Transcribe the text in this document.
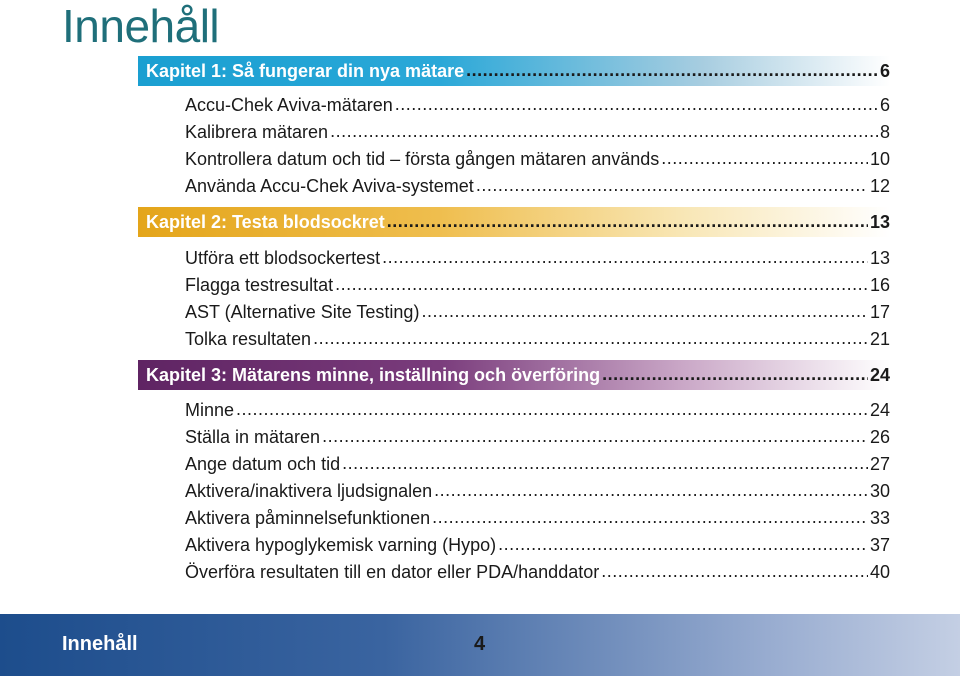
Innehåll
Kapitel 1: Så fungerar din nya mätare .....	6
Accu-Chek Aviva-mätaren .....	6
Kalibrera mätaren .....	8
Kontrollera datum och tid – första gången mätaren används .....	10
Använda Accu-Chek Aviva-systemet .....	12
Kapitel 2: Testa blodsockret .....	13
Utföra ett blodsockertest .....	13
Flagga testresultat .....	16
AST (Alternative Site Testing) .....	17
Tolka resultaten .....	21
Kapitel 3: Mätarens minne, inställning och överföring .....	24
Minne .....	24
Ställa in mätaren .....	26
Ange datum och tid .....	27
Aktivera/inaktivera ljudsignalen .....	30
Aktivera påminnelsefunktionen .....	33
Aktivera hypoglykemisk varning (Hypo) .....	37
Överföra resultaten till en dator eller PDA/handdator .....	40
Innehåll	4
